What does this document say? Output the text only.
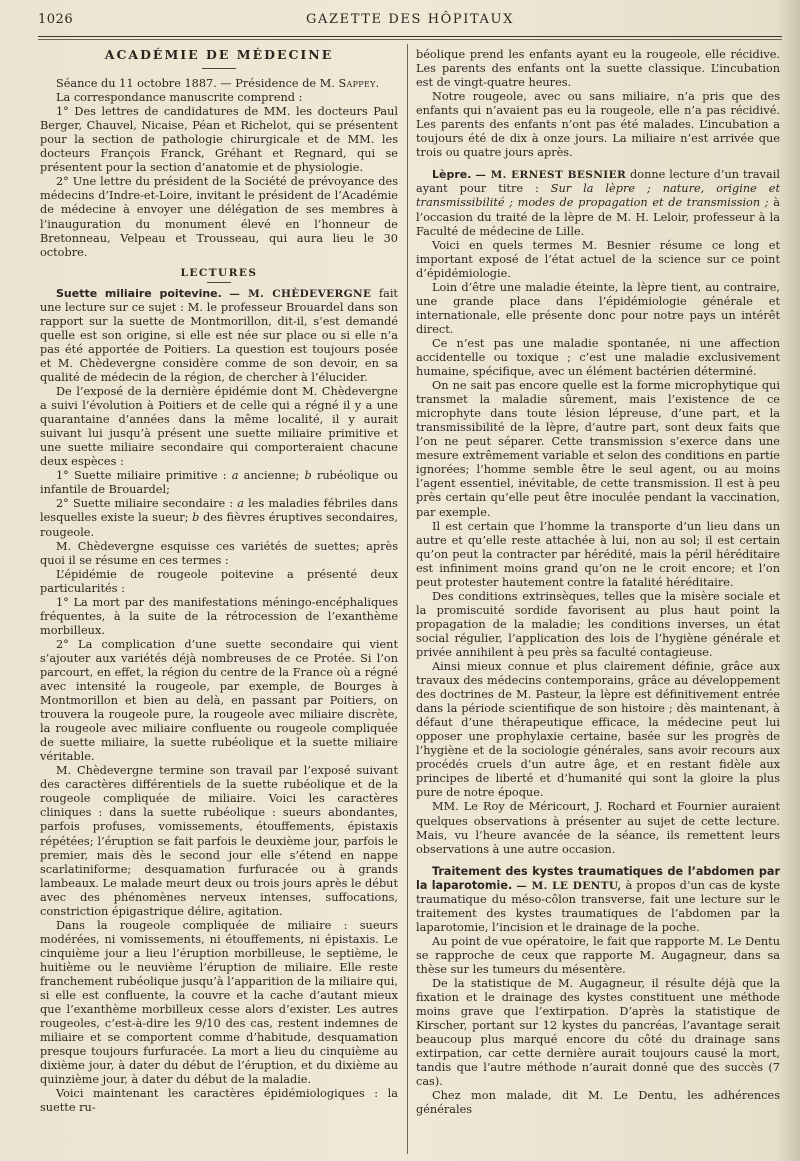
1026	GAZETTE DES HÔPITAUX
ACADÉMIE DE MÉDECINE

Séance du 11 octobre 1887. — Présidence de M. Sappey.

La correspondance manuscrite comprend :

1° Des lettres de candidatures de MM. les docteurs Paul Berger, Chauvel, Nicaise, Péan et Richelot, qui se présentent pour la section de pathologie chirurgicale et de MM. les docteurs François Franck, Gréhant et Regnard, qui se présentent pour la section d’anatomie et de physiologie.

2° Une lettre du président de la Société de prévoyance des médecins d’Indre-et-Loire, invitant le président de l’Académie de médecine à envoyer une délégation de ses membres à l’inauguration du monument élevé en l’honneur de Bretonneau, Velpeau et Trousseau, qui aura lieu le 30 octobre.

LECTURES

Suette miliaire poitevine. — M. CHÈDEVERGNE fait une lecture sur ce sujet : M. le professeur Brouardel dans son rapport sur la suette de Montmorillon, dit-il, s’est demandé quelle est son origine, si elle est née sur place ou si elle n’a pas été apportée de Poitiers. La question est toujours posée et M. Chèdevergne considère comme de son devoir, en sa qualité de médecin de la région, de chercher à l’élucider.

De l’exposé de la dernière épidémie dont M. Chèdevergne a suivi l’évolution à Poitiers et de celle qui a régné il y a une quarantaine d’années dans la même localité, il y aurait suivant lui jusqu’à présent une suette miliaire primitive et une suette miliaire secondaire qui comporteraient chacune deux espèces :

1° Suette miliaire primitive : a ancienne; b rubéolique ou infantile de Brouardel;

2° Suette miliaire secondaire : a les maladies fébriles dans lesquelles existe la sueur; b des fièvres éruptives secondaires, rougeole.

M. Chèdevergne esquisse ces variétés de suettes; après quoi il se résume en ces termes :

L’épidémie de rougeole poitevine a présenté deux particularités :

1° La mort par des manifestations méningo-encéphaliques fréquentes, à la suite de la rétrocession de l’exanthème morbilleux.

2° La complication d’une suette secondaire qui vient s’ajouter aux variétés déjà nombreuses de ce Protée. Si l’on parcourt, en effet, la région du centre de la France où a régné avec intensité la rougeole, par exemple, de Bourges à Montmorillon et bien au delà, en passant par Poitiers, on trouvera la rougeole pure, la rougeole avec miliaire discrète, la rougeole avec miliaire confluente ou rougeole compliquée de suette miliaire, la suette rubéolique et la suette miliaire véritable.

M. Chèdevergne termine son travail par l’exposé suivant des caractères différentiels de la suette rubéolique et de la rougeole compliquée de miliaire. Voici les caractères cliniques : dans la suette rubéolique : sueurs abondantes, parfois profuses, vomissements, étouffements, épistaxis répétées; l’éruption se fait parfois le deuxième jour, parfois le premier, mais dès le second jour elle s’étend en nappe scarlatiniforme; desquamation furfuracée ou à grands lambeaux. Le malade meurt deux ou trois jours après le début avec des phénomènes nerveux intenses, suffocations, constriction épigastrique délire, agitation.

Dans la rougeole compliquée de miliaire : sueurs modérées, ni vomissements, ni étouffements, ni épistaxis. Le cinquième jour a lieu l’éruption morbilleuse, le septième, le huitième ou le neuvième l’éruption de miliaire. Elle reste franchement rubéolique jusqu’à l’apparition de la miliaire qui, si elle est confluente, la couvre et la cache d’autant mieux que l’exanthème morbilleux cesse alors d’exister. Les autres rougeoles, c’est-à-dire les 9/10 des cas, restent indemnes de miliaire et se comportent comme d’habitude, desquamation presque toujours furfuracée. La mort a lieu du cinquième au dixième jour, à dater du début de l’éruption, et du dixième au quinzième jour, à dater du début de la maladie.

Voici maintenant les caractères épidémiologiques : la suette ru-

béolique prend les enfants ayant eu la rougeole, elle récidive. Les parents des enfants ont la suette classique. L’incubation est de vingt-quatre heures.

Notre rougeole, avec ou sans miliaire, n’a pris que des enfants qui n’avaient pas eu la rougeole, elle n’a pas récidivé. Les parents des enfants n’ont pas été malades. L’incubation a toujours été de dix à onze jours. La miliaire n’est arrivée que trois ou quatre jours après.

Lèpre. — M. ERNEST BESNIER donne lecture d’un travail ayant pour titre : Sur la lèpre ; nature, origine et transmissibilité ; modes de propagation et de transmission ; à l’occasion du traité de la lèpre de M. H. Leloir, professeur à la Faculté de médecine de Lille.

Voici en quels termes M. Besnier résume ce long et important exposé de l’état actuel de la science sur ce point d’épidémiologie.

Loin d’être une maladie éteinte, la lèpre tient, au contraire, une grande place dans l’épidémiologie générale et internationale, elle présente donc pour notre pays un intérêt direct.

Ce n’est pas une maladie spontanée, ni une affection accidentelle ou toxique ; c’est une maladie exclusivement humaine, spécifique, avec un élément bactérien déterminé.

On ne sait pas encore quelle est la forme microphytique qui transmet la maladie sûrement, mais l’existence de ce microphyte dans toute lésion lépreuse, d’une part, et la transmissibilité de la lèpre, d’autre part, sont deux faits que l’on ne peut séparer. Cette transmission s’exerce dans une mesure extrêmement variable et selon des conditions en partie ignorées; l’homme semble être le seul agent, ou au moins l’agent essentiel, inévitable, de cette transmission. Il est à peu près certain qu’elle peut être inoculée pendant la vaccination, par exemple.

Il est certain que l’homme la transporte d’un lieu dans un autre et qu’elle reste attachée à lui, non au sol; il est certain qu’on peut la contracter par hérédité, mais la péril héréditaire est infiniment moins grand qu’on ne le croit encore; et l’on peut protester hautement contre la fatalité héréditaire.

Des conditions extrinsèques, telles que la misère sociale et la promiscuité sordide favorisent au plus haut point la propagation de la maladie; les conditions inverses, un état social régulier, l’application des lois de l’hygiène générale et privée annihilent à peu près sa faculté contagieuse.

Ainsi mieux connue et plus clairement définie, grâce aux travaux des médecins contemporains, grâce au développement des doctrines de M. Pasteur, la lèpre est définitivement entrée dans la période scientifique de son histoire ; dès maintenant, à défaut d’une thérapeutique efficace, la médecine peut lui opposer une prophylaxie certaine, basée sur les progrès de l’hygiène et de la sociologie générales, sans avoir recours aux procédés cruels d’un autre âge, et en restant fidèle aux principes de liberté et d’humanité qui sont la gloire la plus pure de notre époque.

MM. Le Roy de Méricourt, J. Rochard et Fournier auraient quelques observations à présenter au sujet de cette lecture. Mais, vu l’heure avancée de la séance, ils remettent leurs observations à une autre occasion.

Traitement des kystes traumatiques de l’abdomen par la laparotomie. — M. LE DENTU, à propos d’un cas de kyste traumatique du méso-côlon transverse, fait une lecture sur le traitement des kystes traumatiques de l’abdomen par la laparotomie, l’incision et le drainage de la poche.

Au point de vue opératoire, le fait que rapporte M. Le Dentu se rapproche de ceux que rapporte M. Augagneur, dans sa thèse sur les tumeurs du mésentère.

De la statistique de M. Augagneur, il résulte déjà que la fixation et le drainage des kystes constituent une méthode moins grave que l’extirpation. D’après la statistique de Kirscher, portant sur 12 kystes du pancréas, l’avantage serait beaucoup plus marqué encore du côté du drainage sans extirpation, car cette dernière aurait toujours causé la mort, tandis que l’autre méthode n’aurait donné que des succès (7 cas).

Chez mon malade, dit M. Le Dentu, les adhérences générales
